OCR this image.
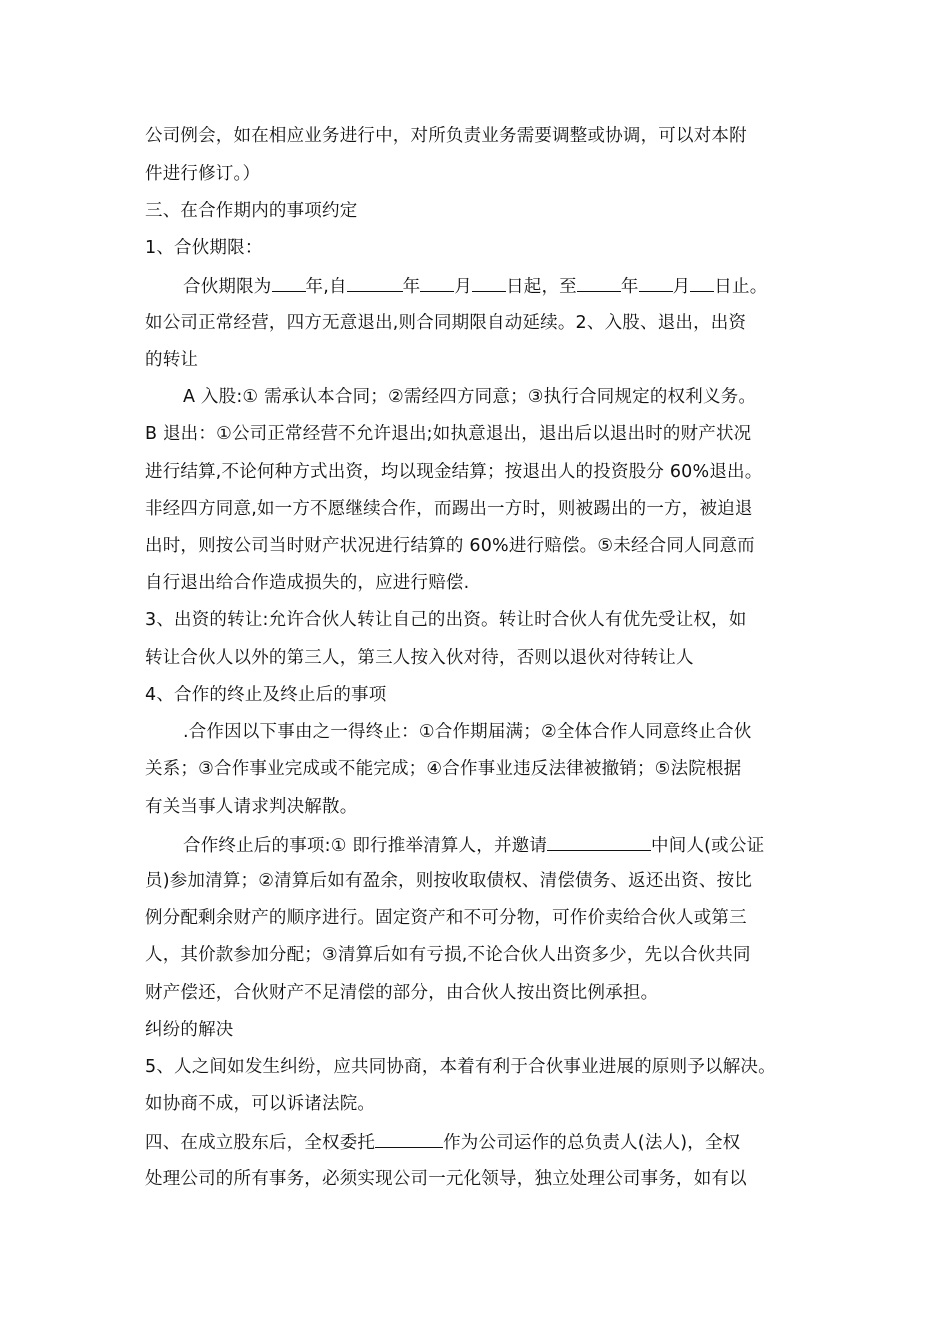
公司例会，如在相应业务进行中，对所负责业务需要调整或协调，可以对本附
件进行修订。）
三、在合作期内的事项约定
1、合伙期限：
合伙期限为 年,自	年 月 日起，至	年 月 日止。
如公司正常经营，四方无意退出,则合同期限自动延续。2、入股、退出，出资
的转让
A 入股:① 需承认本合同；②需经四方同意；③执行合同规定的权利义务。
B 退出：①公司正常经营不允许退出;如执意退出，退出后以退出时的财产状况
进行结算,不论何种方式出资，均以现金结算；按退出人的投资股分 60%退出。
非经四方同意,如一方不愿继续合作，而踢出一方时，则被踢出的一方，被迫退
出时，则按公司当时财产状况进行结算的 60%进行赔偿。⑤未经合同人同意而
自行退出给合作造成损失的，应进行赔偿.
3、出资的转让:允许合伙人转让自己的出资。转让时合伙人有优先受让权，如
转让合伙人以外的第三人，第三人按入伙对待，否则以退伙对待转让人
4、合作的终止及终止后的事项
.合作因以下事由之一得终止：①合作期届满；②全体合作人同意终止合伙
关系；③合作事业完成或不能完成；④合作事业违反法律被撤销；⑤法院根据
有关当事人请求判决解散。
合作终止后的事项:① 即行推举清算人，并邀请	中间人(或公证
员)参加清算；②清算后如有盈余，则按收取债权、清偿债务、返还出资、按比
例分配剩余财产的顺序进行。固定资产和不可分物，可作价卖给合伙人或第三
人，其价款参加分配；③清算后如有亏损,不论合伙人出资多少，先以合伙共同
财产偿还，合伙财产不足清偿的部分，由合伙人按出资比例承担。
纠纷的解决
5、人之间如发生纠纷，应共同协商，本着有利于合伙事业进展的原则予以解决。
如协商不成，可以诉诸法院。
四、在成立股东后，全权委托	作为公司运作的总负责人(法人)，全权
处理公司的所有事务，必须实现公司一元化领导，独立处理公司事务，如有以
